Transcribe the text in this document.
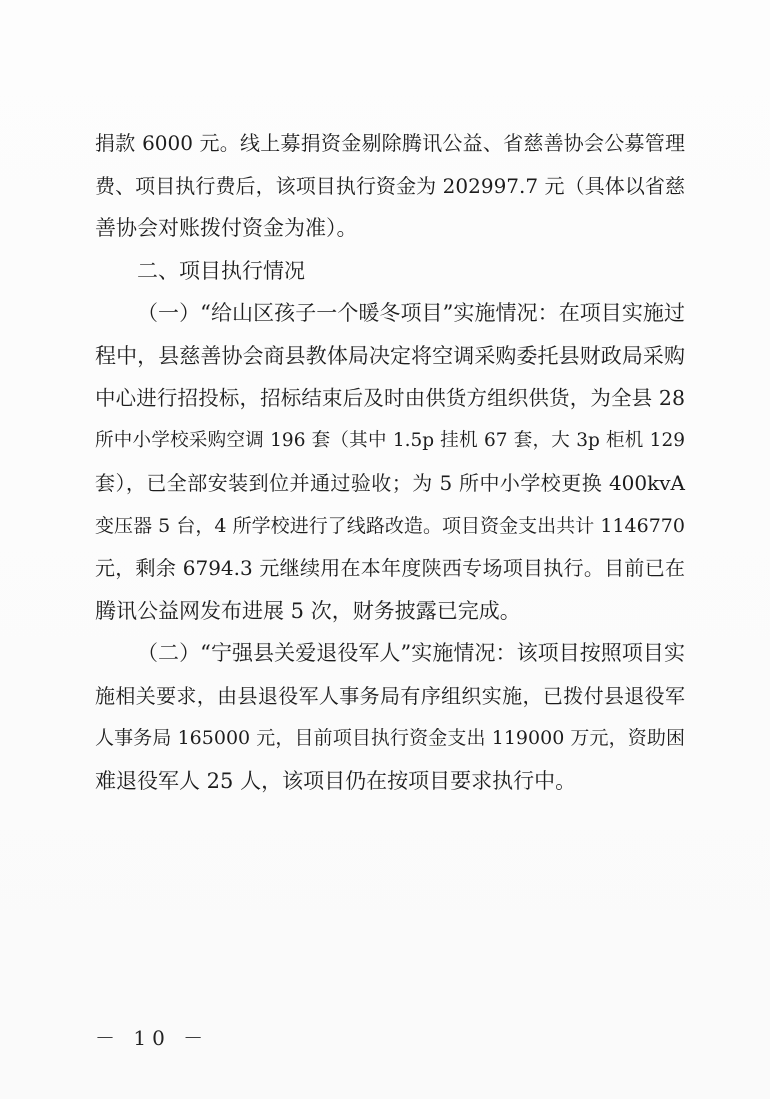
捐款 6000 元。线上募捐资金剔除腾讯公益、省慈善协会公募管理
费、项目执行费后，该项目执行资金为 202997.7 元（具体以省慈
善协会对账拨付资金为准）。
二、项目执行情况
（一）“给山区孩子一个暖冬项目”实施情况：在项目实施过
程中，县慈善协会商县教体局决定将空调采购委托县财政局采购
中心进行招投标，招标结束后及时由供货方组织供货，为全县 28
所中小学校采购空调 196 套（其中 1.5p 挂机 67 套，大 3p 柜机 129
套），已全部安装到位并通过验收；为 5 所中小学校更换 400kvA
变压器 5 台，4 所学校进行了线路改造。项目资金支出共计 1146770
元，剩余 6794.3 元继续用在本年度陕西专场项目执行。目前已在
腾讯公益网发布进展 5 次，财务披露已完成。
（二）“宁强县关爱退役军人”实施情况：该项目按照项目实
施相关要求，由县退役军人事务局有序组织实施，已拨付县退役军
人事务局 165000 元，目前项目执行资金支出 119000 万元，资助困
难退役军人 25 人，该项目仍在按项目要求执行中。
－ 10 －
